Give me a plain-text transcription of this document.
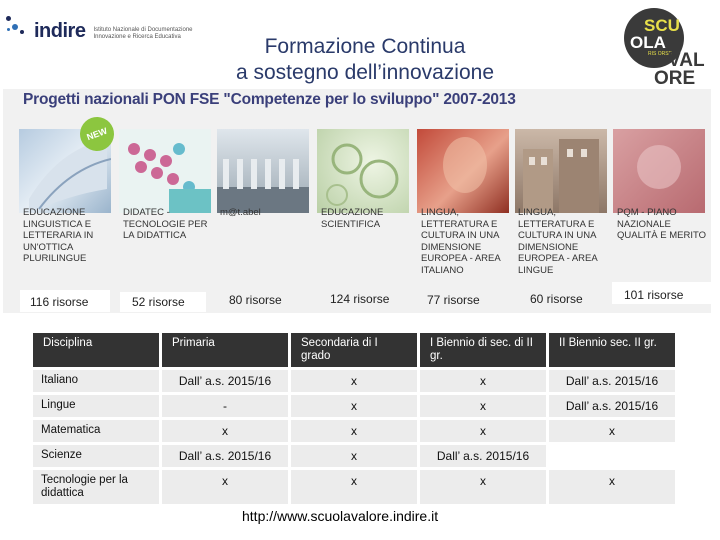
indire Istituto Nazionale di Documentazione Innovazione e Ricerca Educativa	Formazione Continua
a sostegno dell’innovazione
SCU
OLA
RIS ORSE
VAL
ORE
Progetti nazionali PON FSE "Competenze per lo sviluppo" 2007-2013
NEW
EDUCAZIONE LINGUISTICA E LETTERARIA IN UN'OTTICA PLURILINGUE
DIDATEC - TECNOLOGIE PER LA DIDATTICA
m@t.abel	EDUCAZIONE SCIENTIFICA
LINGUA, LETTERATURA E CULTURA IN UNA DIMENSIONE EUROPEA - AREA ITALIANO
LINGUA, LETTERATURA E CULTURA IN UNA DIMENSIONE EUROPEA - AREA LINGUE
PQM - PIANO NAZIONALE QUALITÀ E MERITO
116 risorse	52 risorse	80 risorse	124 risorse	77 risorse	60 risorse	101 risorse
Disciplina	Primaria	Secondaria di I grado	I Biennio di sec. di II gr.	II Biennio sec. II gr.
Italiano	Dall’ a.s. 2015/16	x	x	Dall’ a.s. 2015/16
Lingue	-	x	x	Dall’ a.s. 2015/16
Matematica	x	x	x	x
Scienze	Dall’ a.s. 2015/16	x	Dall’ a.s. 2015/16	
Tecnologie per la didattica	x	x	x	x
http://www.scuolavalore.indire.it
